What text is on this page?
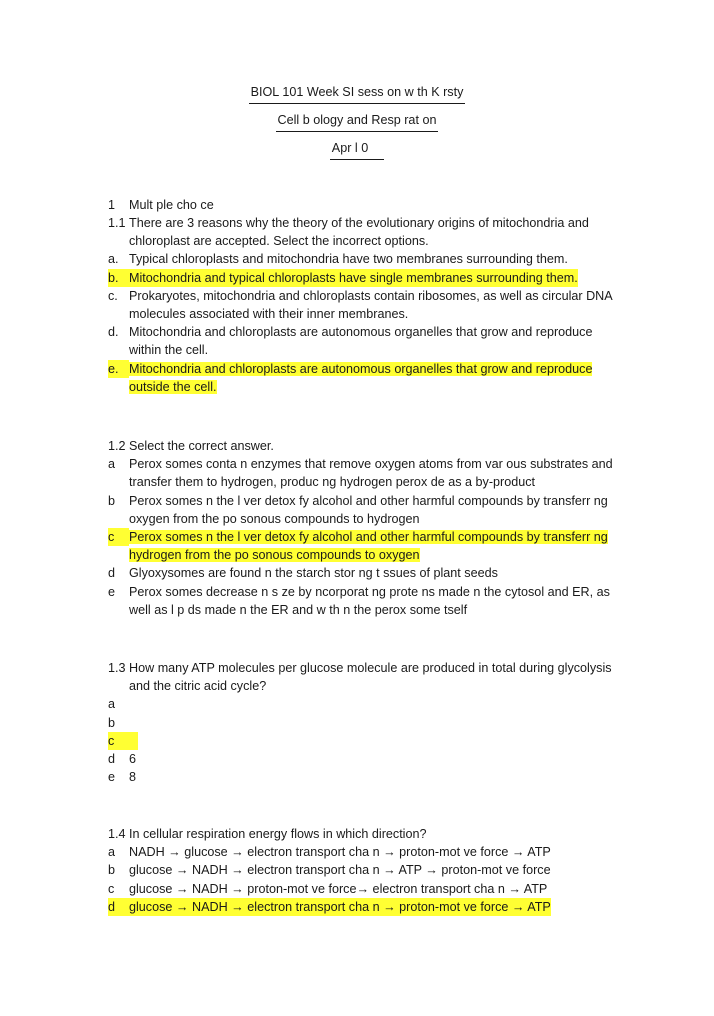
BIOL 101 Week SI sess on w th K rsty
Cell b ology and Resp rat on
Apr l 0
1	Mult ple cho ce
1.1 There are 3 reasons why the theory of the evolutionary origins of mitochondria and chloroplast are accepted. Select the incorrect options.
a. Typical chloroplasts and mitochondria have two membranes surrounding them.
b. Mitochondria and typical chloroplasts have single membranes surrounding them.
c. Prokaryotes, mitochondria and chloroplasts contain ribosomes, as well as circular DNA molecules associated with their inner membranes.
d. Mitochondria and chloroplasts are autonomous organelles that grow and reproduce within the cell.
e. Mitochondria and chloroplasts are autonomous organelles that grow and reproduce outside the cell.
1.2 Select the correct answer.
a	Perox somes conta n enzymes that remove oxygen atoms from var ous substrates and transfer them to hydrogen, produc ng hydrogen perox de as a by-product
b	Perox somes n the l ver detox fy alcohol and other harmful compounds by transferr ng oxygen from the po sonous compounds to hydrogen
c	Perox somes n the l ver detox fy alcohol and other harmful compounds by transferr ng hydrogen from the po sonous compounds to oxygen
d	Glyoxysomes are found n the starch stor ng t ssues of plant seeds
e	Perox somes decrease n s ze by ncorporat ng prote ns made n the cytosol and ER, as well as l p ds made n the ER and w th n the perox some tself
1.3 How many ATP molecules per glucose molecule are produced in total during glycolysis and the citric acid cycle?
a
b
c
d	6
e	8
1.4 In cellular respiration energy flows in which direction?
a	NADH → glucose → electron transport cha n → proton-mot ve force → ATP
b	glucose → NADH → electron transport cha n → ATP → proton-mot ve force
c	glucose → NADH → proton-mot ve force→ electron transport cha n → ATP
d	glucose → NADH → electron transport cha n → proton-mot ve force → ATP
